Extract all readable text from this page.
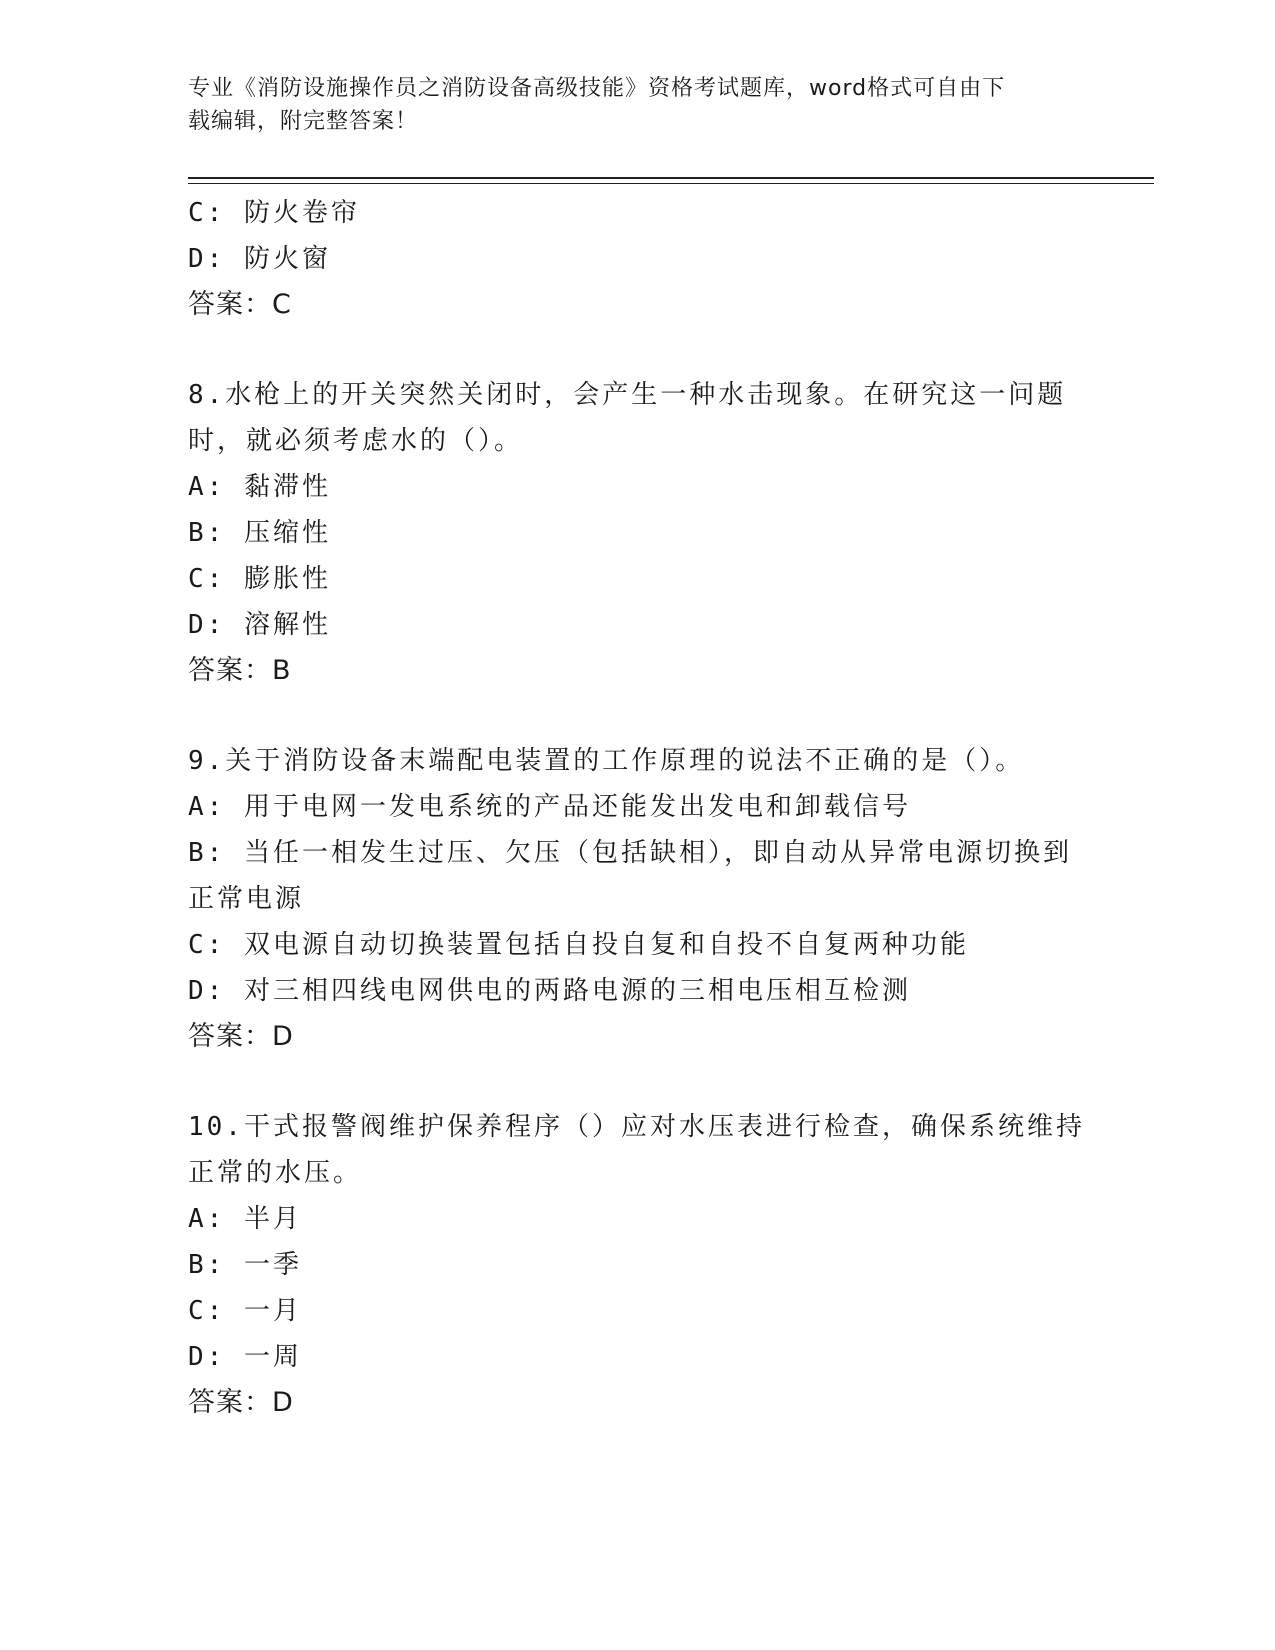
专业《消防设施操作员之消防设备高级技能》资格考试题库，word格式可自由下
载编辑，附完整答案！
C: 防火卷帘
D: 防火窗
答案：C
8.水枪上的开关突然关闭时，会产生一种水击现象。在研究这一问题
时，就必须考虑水的（）。
A: 黏滞性
B: 压缩性
C: 膨胀性
D: 溶解性
答案：B
9.关于消防设备末端配电装置的工作原理的说法不正确的是（）。
A: 用于电网一发电系统的产品还能发出发电和卸载信号
B: 当任一相发生过压、欠压（包括缺相），即自动从异常电源切换到
正常电源
C: 双电源自动切换装置包括自投自复和自投不自复两种功能
D: 对三相四线电网供电的两路电源的三相电压相互检测
答案：D
10.干式报警阀维护保养程序（）应对水压表进行检查，确保系统维持
正常的水压。
A: 半月
B: 一季
C: 一月
D: 一周
答案：D
